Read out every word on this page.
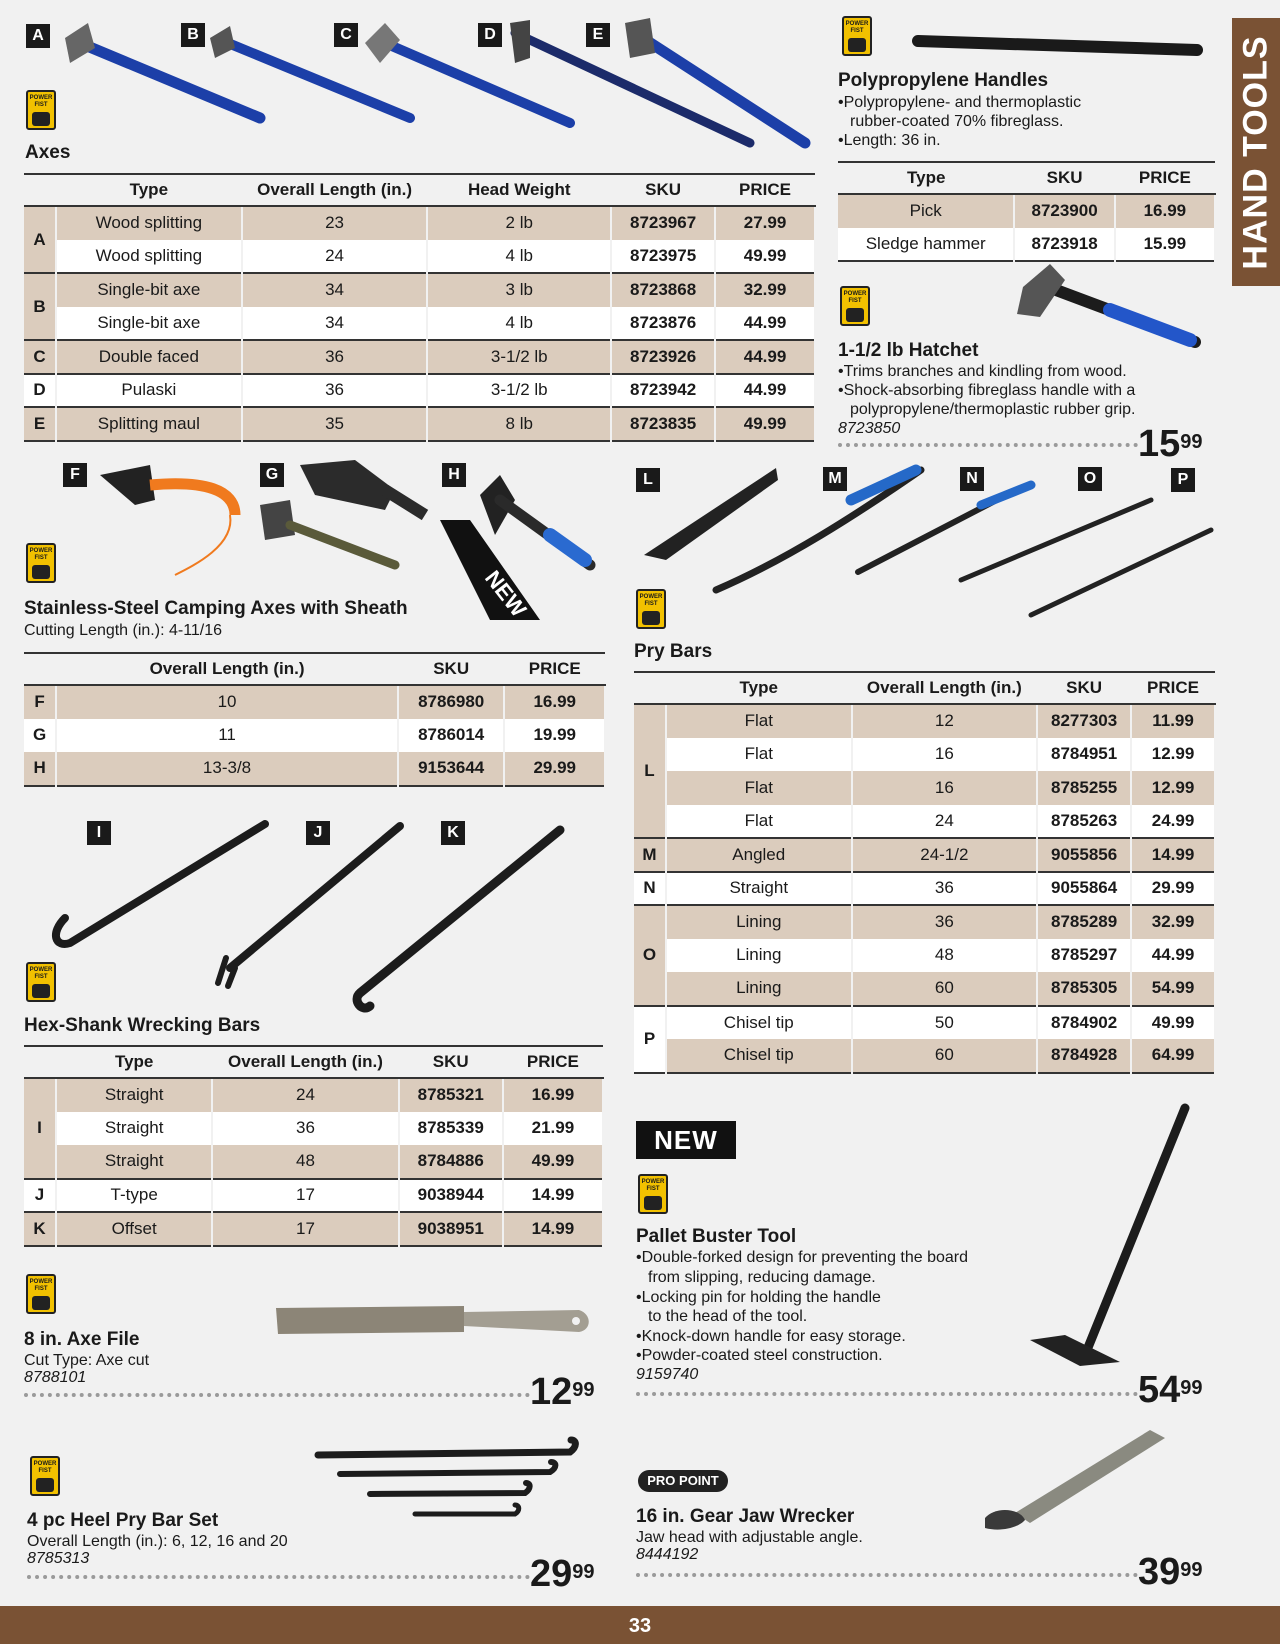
HAND TOOLS
A	B	C	D	E
POWER FIST
Axes
	Type	Overall Length (in.)	Head Weight	SKU	PRICE
A	Wood splitting	23	2 lb	8723967	27.99
	Wood splitting	24	4 lb	8723975	49.99
B	Single-bit axe	34	3 lb	8723868	32.99
	Single-bit axe	34	4 lb	8723876	44.99
C	Double faced	36	3-1/2 lb	8723926	44.99
D	Pulaski	36	3-1/2 lb	8723942	44.99
E	Splitting maul	35	8 lb	8723835	49.99
POWER FIST
Polypropylene Handles
•Polypropylene- and thermoplastic
rubber-coated 70% fibreglass.
•Length: 36 in.
Type	SKU	PRICE
Pick	8723900	16.99
Sledge hammer	8723918	15.99
POWER FIST
1-1/2 lb Hatchet
•Trims branches and kindling from wood.
•Shock-absorbing fibreglass handle with a
polypropylene/thermoplastic rubber grip.
8723850	$15^{99}$
F	G	H
NEW
POWER FIST
Stainless-Steel Camping Axes with Sheath
Cutting Length (in.): 4-11/16
	Overall Length (in.)	SKU	PRICE
F	10	8786980	16.99
G	11	8786014	19.99
H	13-3/8	9153644	29.99
L	M	N	O	P
POWER FIST
Pry Bars
	Type	Overall Length (in.)	SKU	PRICE
L	Flat	12	8277303	11.99
	Flat	16	8784951	12.99
	Flat	16	8785255	12.99
	Flat	24	8785263	24.99
M	Angled	24-1/2	9055856	14.99
N	Straight	36	9055864	29.99
O	Lining	36	8785289	32.99
	Lining	48	8785297	44.99
	Lining	60	8785305	54.99
P	Chisel tip	50	8784902	49.99
	Chisel tip	60	8784928	64.99
I	J	K
POWER FIST
Hex-Shank Wrecking Bars
	Type	Overall Length (in.)	SKU	PRICE
I	Straight	24	8785321	16.99
	Straight	36	8785339	21.99
	Straight	48	8784886	49.99
J	T-type	17	9038944	14.99
K	Offset	17	9038951	14.99
NEW
POWER FIST
Pallet Buster Tool
•Double-forked design for preventing the board
from slipping, reducing damage.
•Locking pin for holding the handle
to the head of the tool.
•Knock-down handle for easy storage.
•Powder-coated steel construction.
9159740	$54^{99}$
POWER FIST
8 in. Axe File
Cut Type: Axe cut
8788101	$12^{99}$
POWER FIST
4 pc Heel Pry Bar Set
Overall Length (in.): 6, 12, 16 and 20
8785313	$29^{99}$
PRO POINT
16 in. Gear Jaw Wrecker
Jaw head with adjustable angle.
8444192	$39^{99}$
33
